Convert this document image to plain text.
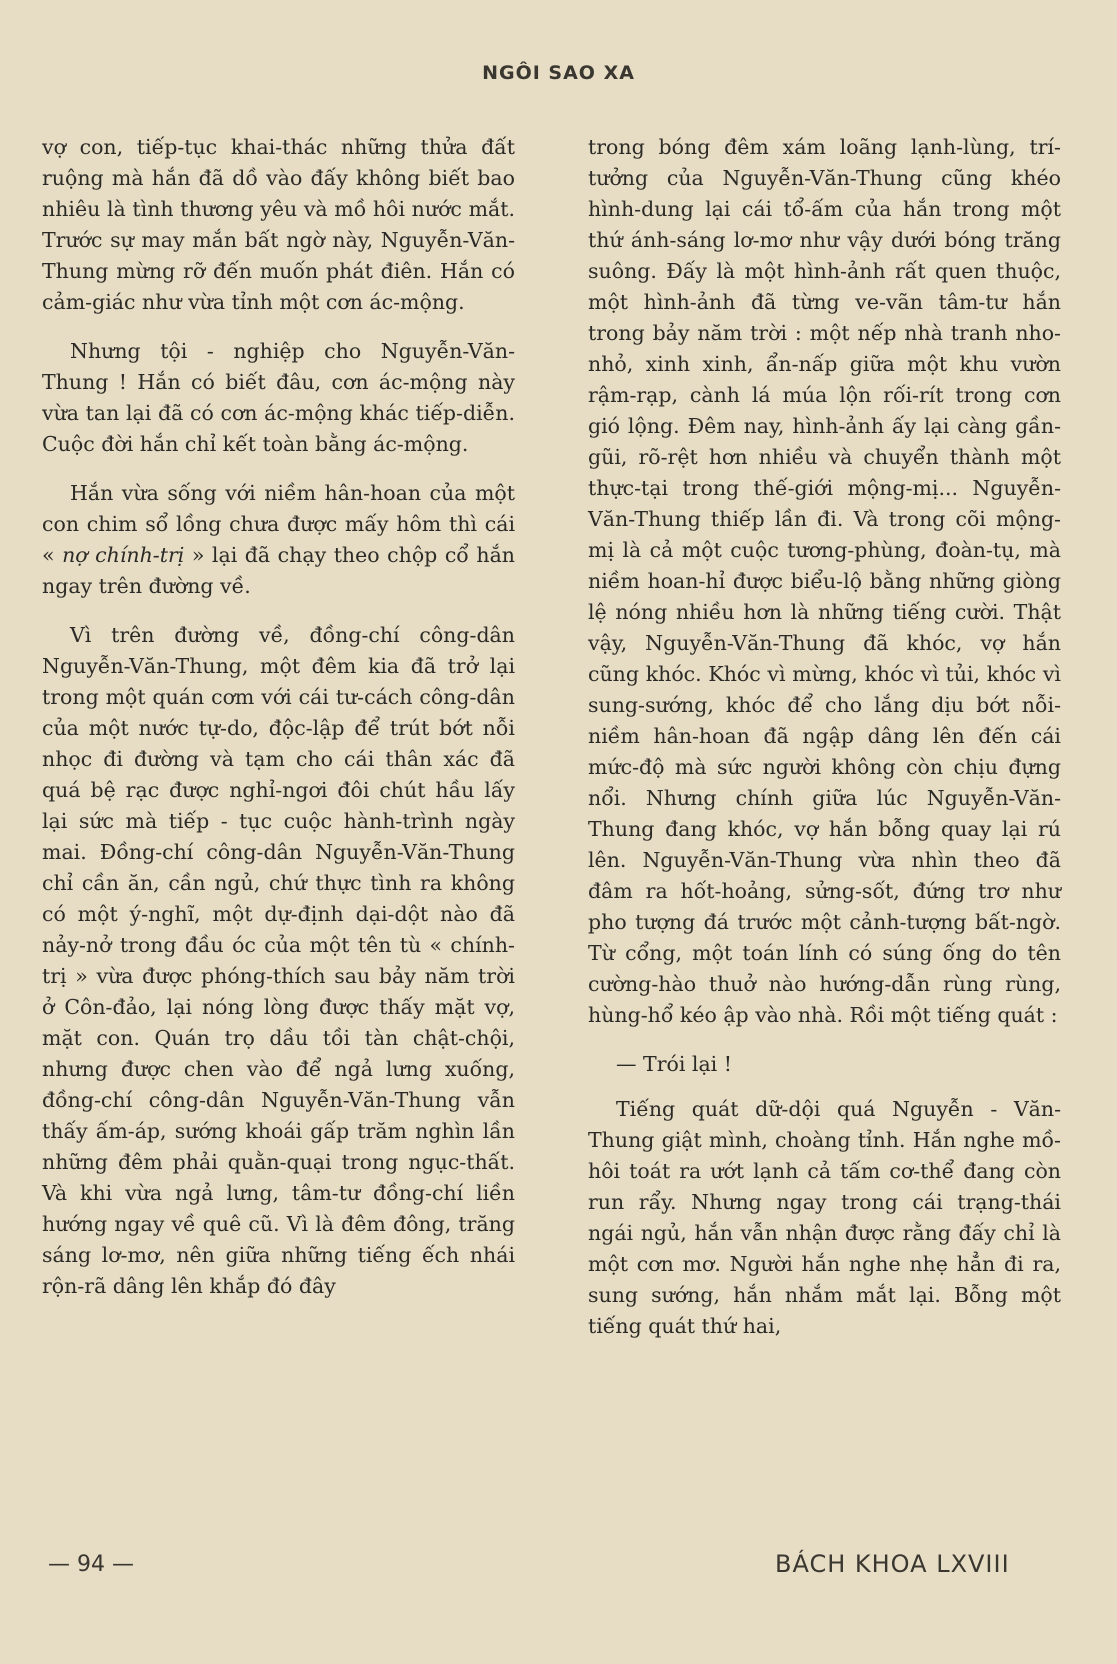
NGÔI SAO XA

vợ con, tiếp-tục khai-thác những thửa đất ruộng mà hắn đã dồ vào đấy không biết bao nhiêu là tình thương yêu và mồ hôi nước mắt. Trước sự may mắn bất ngờ này, Nguyễn-Văn-Thung mừng rỡ đến muốn phát điên. Hắn có cảm-giác như vừa tỉnh một cơn ác-mộng.

Nhưng tội - nghiệp cho Nguyễn-Văn-Thung ! Hắn có biết đâu, cơn ác-mộng này vừa tan lại đã có cơn ác-mộng khác tiếp-diễn. Cuộc đời hắn chỉ kết toàn bằng ác-mộng.

Hắn vừa sống với niềm hân-hoan của một con chim sổ lồng chưa được mấy hôm thì cái « nợ chính-trị » lại đã chạy theo chộp cổ hắn ngay trên đường về.

Vì trên đường về, đồng-chí công-dân Nguyễn-Văn-Thung, một đêm kia đã trở lại trong một quán cơm với cái tư-cách công-dân của một nước tự-do, độc-lập để trút bớt nỗi nhọc đi đường và tạm cho cái thân xác đã quá bệ rạc được nghỉ-ngơi đôi chút hầu lấy lại sức mà tiếp - tục cuộc hành-trình ngày mai. Đồng-chí công-dân Nguyễn-Văn-Thung chỉ cần ăn, cần ngủ, chứ thực tình ra không có một ý-nghĩ, một dự-định dại-dột nào đã nảy-nở trong đầu óc của một tên tù « chính-trị » vừa được phóng-thích sau bảy năm trời ở Côn-đảo, lại nóng lòng được thấy mặt vợ, mặt con. Quán trọ dầu tồi tàn chật-chội, nhưng được chen vào để ngả lưng xuống, đồng-chí công-dân Nguyễn-Văn-Thung vẫn thấy ấm-áp, sướng khoái gấp trăm nghìn lần những đêm phải quằn-quại trong ngục-thất. Và khi vừa ngả lưng, tâm-tư đồng-chí liền hướng ngay về quê cũ. Vì là đêm đông, trăng sáng lơ-mơ, nên giữa những tiếng ếch nhái rộn-rã dâng lên khắp đó đây

trong bóng đêm xám loãng lạnh-lùng, trí-tưởng của Nguyễn-Văn-Thung cũng khéo hình-dung lại cái tổ-ấm của hắn trong một thứ ánh-sáng lơ-mơ như vậy dưới bóng trăng suông. Đấy là một hình-ảnh rất quen thuộc, một hình-ảnh đã từng ve-vãn tâm-tư hắn trong bảy năm trời : một nếp nhà tranh nho-nhỏ, xinh xinh, ẩn-nấp giữa một khu vườn rậm-rạp, cành lá múa lộn rối-rít trong cơn gió lộng. Đêm nay, hình-ảnh ấy lại càng gần-gũi, rõ-rệt hơn nhiều và chuyển thành một thực-tại trong thế-giới mộng-mị... Nguyễn-Văn-Thung thiếp lần đi. Và trong cõi mộng-mị là cả một cuộc tương-phùng, đoàn-tụ, mà niềm hoan-hỉ được biểu-lộ bằng những giòng lệ nóng nhiều hơn là những tiếng cười. Thật vậy, Nguyễn-Văn-Thung đã khóc, vợ hắn cũng khóc. Khóc vì mừng, khóc vì tủi, khóc vì sung-sướng, khóc để cho lắng dịu bớt nỗi-niềm hân-hoan đã ngập dâng lên đến cái mức-độ mà sức người không còn chịu đựng nổi. Nhưng chính giữa lúc Nguyễn-Văn-Thung đang khóc, vợ hắn bỗng quay lại rú lên. Nguyễn-Văn-Thung vừa nhìn theo đã đâm ra hốt-hoảng, sửng-sốt, đứng trơ như pho tượng đá trước một cảnh-tượng bất-ngờ. Từ cổng, một toán lính có súng ống do tên cường-hào thuở nào hướng-dẫn rùng rùng, hùng-hổ kéo ập vào nhà. Rồi một tiếng quát :

— Trói lại !

Tiếng quát dữ-dội quá Nguyễn - Văn-Thung giật mình, choàng tỉnh. Hắn nghe mồ-hôi toát ra ướt lạnh cả tấm cơ-thể đang còn run rẩy. Nhưng ngay trong cái trạng-thái ngái ngủ, hắn vẫn nhận được rằng đấy chỉ là một cơn mơ. Người hắn nghe nhẹ hẳn đi ra, sung sướng, hắn nhắm mắt lại. Bỗng một tiếng quát thứ hai,

— 94 —	BÁCH KHOA LXVIII
